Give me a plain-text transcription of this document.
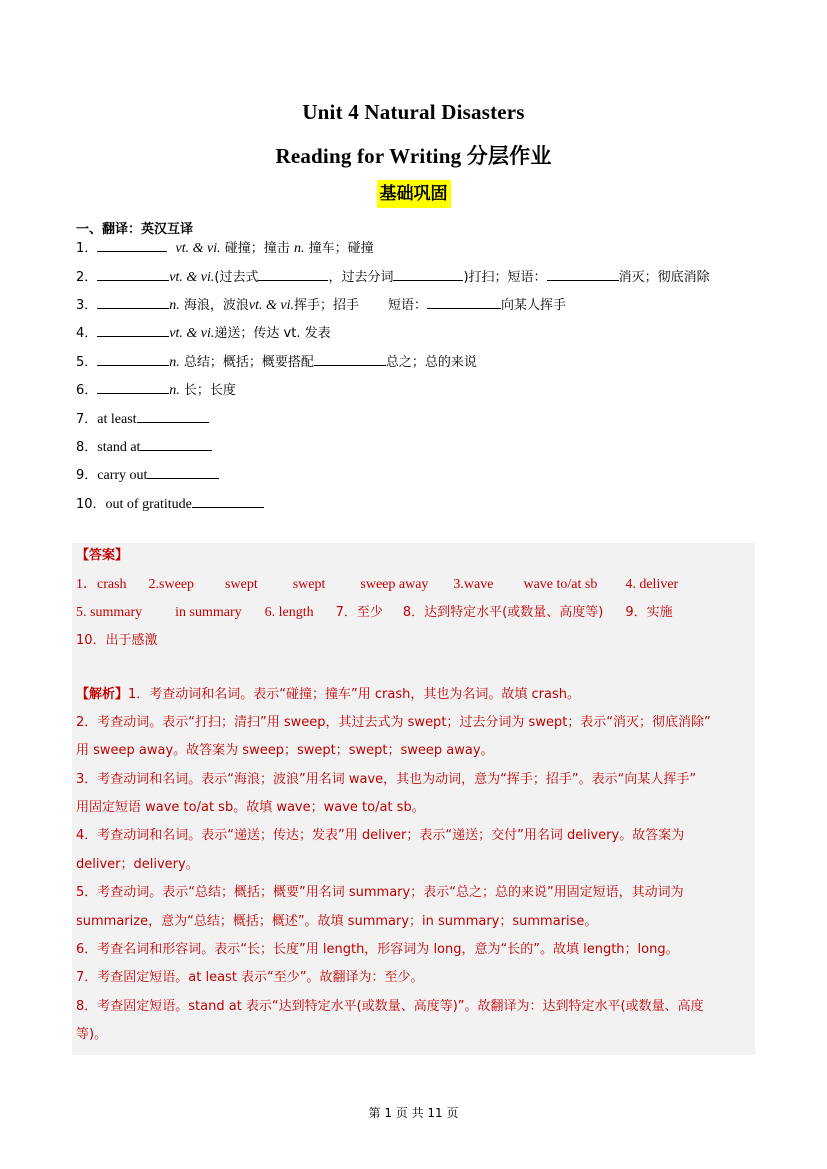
Unit 4 Natural Disasters
Reading for Writing 分层作业
基础巩固
一、翻译：英汉互译
1．	vt. & vi. 碰撞；撞击 n. 撞车；碰撞
2．	vt. & vi.(过去式	，过去分词	)打扫；短语：	消灭；彻底消除
3．	n. 海浪，波浪vt. & vi.挥手；招手 短语：	向某人挥手
4．	vt. & vi.递送；传达 vt. 发表
5．	n. 总结；概括；概要搭配	总之；总的来说
6．	n. 长；长度
7．at least
8．stand at
9．carry out
10．out of gratitude
【答案】
1．crash 2.sweep swept	swept	sweep away 3.wave wave to/at sb 4. deliver
5. summary in summary 6. length 7．至少 8．达到特定水平(或数量、高度等) 9．实施
10．出于感激
【解析】1．考查动词和名词。表示“碰撞；撞车”用 crash，其也为名词。故填 crash。
2．考查动词。表示“打扫；清扫”用 sweep，其过去式为 swept；过去分词为 swept；表示“消灭；彻底消除”
用 sweep away。故答案为 sweep；swept；swept；sweep away。
3．考查动词和名词。表示“海浪；波浪”用名词 wave，其也为动词，意为“挥手；招手”。表示“向某人挥手”
用固定短语 wave to/at sb。故填 wave；wave to/at sb。
4．考查动词和名词。表示“递送；传达；发表”用 deliver；表示“递送；交付”用名词 delivery。故答案为
deliver；delivery。
5．考查动词。表示“总结；概括；概要”用名词 summary；表示“总之；总的来说”用固定短语，其动词为
summarize，意为“总结；概括；概述”。故填 summary；in summary；summarise。
6．考查名词和形容词。表示“长；长度”用 length，形容词为 long，意为“长的”。故填 length；long。
7．考查固定短语。at least 表示“至少”。故翻译为：至少。
8．考查固定短语。stand at 表示“达到特定水平(或数量、高度等)”。故翻译为：达到特定水平(或数量、高度
等)。
第 1 页 共 11 页
